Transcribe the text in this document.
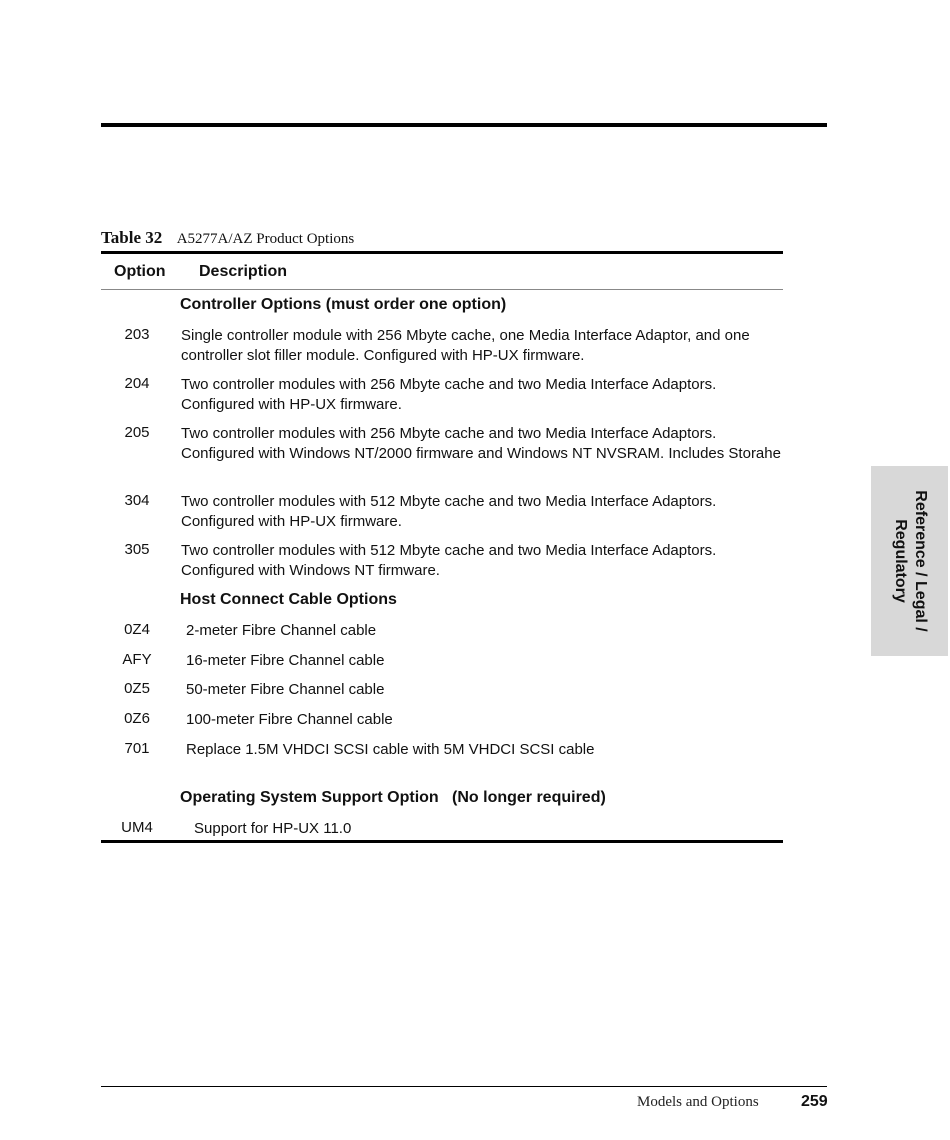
Table 32 A5277A/AZ Product Options
Option Description
Controller Options (must order one option)
203	Single controller module with 256 Mbyte cache, one Media Interface Adaptor, and one controller slot filler module. Configured with HP-UX firmware.
204	Two controller modules with 256 Mbyte cache and two Media Interface Adaptors. Configured with HP-UX firmware.
205	Two controller modules with 256 Mbyte cache and two Media Interface Adaptors. Configured with Windows NT/2000 firmware and Windows NT NVSRAM. Includes Storahe
304	Two controller modules with 512 Mbyte cache and two Media Interface Adaptors. Configured with HP-UX firmware.
305	Two controller modules with 512 Mbyte cache and two Media Interface Adaptors. Configured with Windows NT firmware.
Host Connect Cable Options
0Z4	2-meter Fibre Channel cable
AFY	16-meter Fibre Channel cable
0Z5	50-meter Fibre Channel cable
0Z6	100-meter Fibre Channel cable
701	Replace 1.5M VHDCI SCSI cable with 5M VHDCI SCSI cable
Operating System Support Option   (No longer required)
UM4	Support for HP-UX 11.0
Reference / Legal /
Regulatory
Models and Options	259
